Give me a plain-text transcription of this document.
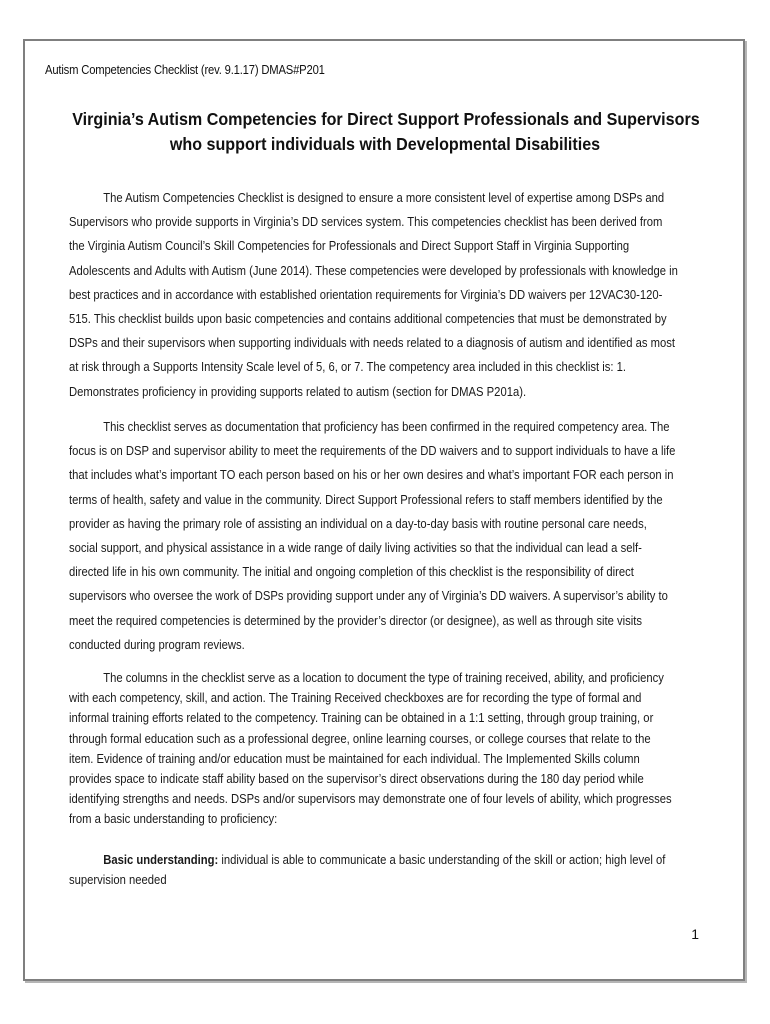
Autism Competencies Checklist (rev. 9.1.17) DMAS#P201
Virginia’s Autism Competencies for Direct Support Professionals and Supervisors
who support individuals with Developmental Disabilities
The Autism Competencies Checklist is designed to ensure a more consistent level of expertise among DSPs and
Supervisors who provide supports in Virginia’s DD services system. This competencies checklist has been derived from
the Virginia Autism Council’s Skill Competencies for Professionals and Direct Support Staff in Virginia Supporting
Adolescents and Adults with Autism (June 2014). These competencies were developed by professionals with knowledge in
best practices and in accordance with established orientation requirements for Virginia’s DD waivers per 12VAC30-120-
515. This checklist builds upon basic competencies and contains additional competencies that must be demonstrated by
DSPs and their supervisors when supporting individuals with needs related to a diagnosis of autism and identified as most
at risk through a Supports Intensity Scale level of 5, 6, or 7. The competency area included in this checklist is: 1.
Demonstrates proficiency in providing supports related to autism (section for DMAS P201a).
This checklist serves as documentation that proficiency has been confirmed in the required competency area. The
focus is on DSP and supervisor ability to meet the requirements of the DD waivers and to support individuals to have a life
that includes what’s important TO each person based on his or her own desires and what’s important FOR each person in
terms of health, safety and value in the community. Direct Support Professional refers to staff members identified by the
provider as having the primary role of assisting an individual on a day-to-day basis with routine personal care needs,
social support, and physical assistance in a wide range of daily living activities so that the individual can lead a self-
directed life in his own community. The initial and ongoing completion of this checklist is the responsibility of direct
supervisors who oversee the work of DSPs providing support under any of Virginia’s DD waivers. A supervisor’s ability to
meet the required competencies is determined by the provider’s director (or designee), as well as through site visits
conducted during program reviews.
The columns in the checklist serve as a location to document the type of training received, ability, and proficiency
with each competency, skill, and action. The Training Received checkboxes are for recording the type of formal and
informal training efforts related to the competency. Training can be obtained in a 1:1 setting, through group training, or
through formal education such as a professional degree, online learning courses, or college courses that relate to the
item. Evidence of training and/or education must be maintained for each individual. The Implemented Skills column
provides space to indicate staff ability based on the supervisor’s direct observations during the 180 day period while
identifying strengths and needs. DSPs and/or supervisors may demonstrate one of four levels of ability, which progresses
from a basic understanding to proficiency:
Basic understanding: individual is able to communicate a basic understanding of the skill or action; high level of
supervision needed
1
